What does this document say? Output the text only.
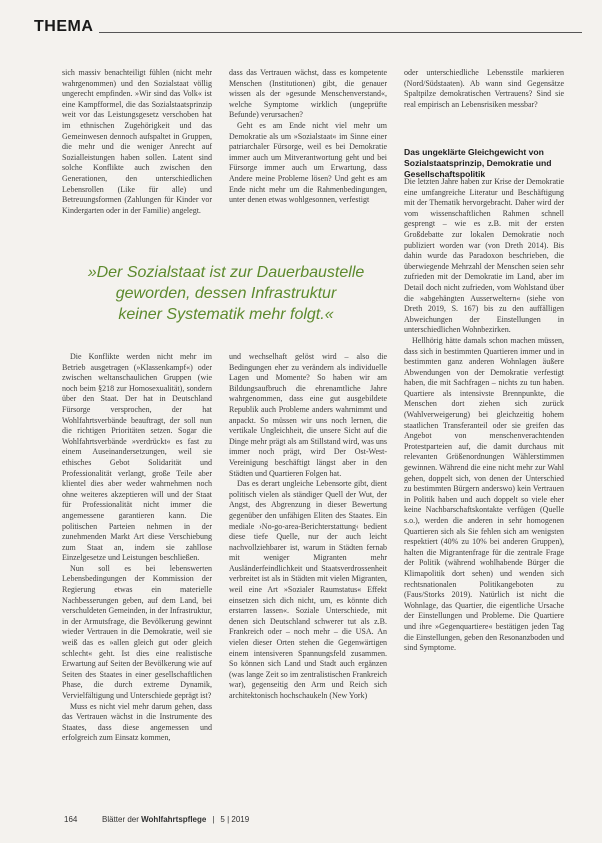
THEMA

sich massiv benachteiligt fühlen (nicht mehr wahrgenommen) und den Sozialstaat völlig ungerecht empfinden. »Wir sind das Volk« ist eine Kampfformel, die das Sozialstaatsprinzip weit vor das Leistungsgesetz verschoben hat im ethnischen Zugehörigkeit und das Gemeinwesen dennoch aufspaltet in Gruppen, die mehr und die weniger Anrecht auf Sozialleistungen haben sollen. Latent sind solche Konflikte auch zwischen den Generationen, den unterschiedlichen Lebensrollen (Like für alle) und Betreuungsformen (Zahlungen für Kinder vor Kindergarten oder in der Familie) angelegt.

dass das Vertrauen wächst, dass es kompetente Menschen (Institutionen) gibt, die genauer wissen als der »gesunde Menschenverstand«, welche Symptome wirklich (ungeprüfte Befunde) verursachen?

Geht es am Ende nicht viel mehr um Demokratie als um »Sozialstaat« im Sinne einer patriarchaler Fürsorge, weil es bei Demokratie immer auch um Mitverantwortung geht und bei Fürsorge immer auch um Erwartung, dass Andere meine Probleme lösen? Und geht es am Ende nicht mehr um die Rahmenbedingungen, unter denen etwas wohlgesonnen, verfestigt

oder unterschiedliche Lebensstile markieren (Nord/Südstaaten). Ab wann sind Gegensätze Spaltpilze demokratischen Vertrauens? Sind sie real empirisch an Lebensrisiken messbar?

Das ungeklärte Gleichgewicht von Sozialstaatsprinzip, Demokratie und Gesellschaftspolitik

Die letzten Jahre haben zur Krise der Demokratie eine umfangreiche Literatur und Beschäftigung mit der Thematik hervorgebracht. Daher wird der vom wissenschaftlichen Rahmen schnell gesprengt – wie es z.B. mit der ersten Großdebatte zur lokalen Demokratie noch publiziert worden war (von Dreth 2014). Bis dahin wurde das Paradoxon beschrieben, die überwiegende Mehrzahl der Menschen seien sehr zufrieden mit der Demokratie im Land, aber im Detail doch nicht zufrieden, vom Wohlstand über die »abgehängten Ausserweltern« (siehe von Dreth 2019, S. 167) bis zu den auffälligen Abweichungen der Einstellungen in unterschiedlichen Wohnbezirken.

Hellhörig hätte damals schon machen müssen, dass sich in bestimmten Quartieren immer und in bestimmten ganz anderen Wohnlagen äußere Abwendungen von der Demokratie verfestigt haben, die mit Sachfragen – nichts zu tun haben. Quartiere als intensivste Brennpunkte, die Menschen dort ziehen sich zurück (Wahlverweigerung) bei gleichzeitig hohem staatlichen Transferanteil oder sie greifen das Angebot von menschenverachtenden Protestparteien auf, die damit durchaus mit relevanten Größenordnungen Wählerstimmen gewinnen. Während die eine nicht mehr zur Wahl gehen, doppelt sich, von denen der Unterschied zu bestimmten Bürgern anderswo) kein Vertrauen in Politik haben und auch doppelt so viele eher keine Nachbarschaftskontakte verfügen (Quelle s.o.), werden die anderen in sehr homogenen Quartieren sich als Sie fehlen sich am wenigsten respektiert (40% zu 10% bei anderen Gruppen), halten die Migrantenfrage für die zentrale Frage der Politik (während wohlhabende Bürger die Klimapolitik dort sehen) und wenden sich rechtsnationalen Politikangeboten zu (Faus/Storks 2019). Natürlich ist nicht die Wohnlage, das Quartier, die eigentliche Ursache der Einstellungen und Probleme. Die Quartiere und ihre »Gegenquartiere« bestätigen jeden Tag die Einstellungen, geben den Resonanzboden und sind Symptome.

»Der Sozialstaat ist zur Dauerbaustelle

geworden, dessen Infrastruktur

keiner Systematik mehr folgt.«

Die Konflikte werden nicht mehr im Betrieb ausgetragen (»Klassenkampf«) oder zwischen weltanschaulichen Gruppen (wie noch beim §218 zur Homosexualität), sondern über den Staat. Der hat in Deutschland Fürsorge versprochen, der hat Wohlfahrtsverbände beauftragt, der soll nun die richtigen Prioritäten setzen. Sogar die Wohlfahrtsverbände »verdrückt« es fast zu einem Auseinandersetzungen, weil sie ethisches Gebot Solidarität und Professionalität verlangt, große Teile aber klientel dies aber weder wahrnehmen noch ohne weiteres akzeptieren will und der Staat für Professionalität nicht immer die angemessene garantieren kann. Die politischen Parteien nehmen in der zunehmenden Markt Art diese Verschiebung zum Staat an, indem sie zahllose Einzelgesetze und Leistungen beschließen.

Nun soll es bei lebenswerten Lebensbedingungen der Kommission der Regierung etwas ein materielle Nachbesserungen geben, auf dem Land, bei verschuldeten Gemeinden, in der Infrastruktur, in der Armutsfrage, die Bevölkerung gewinnt wieder Vertrauen in die Demokratie, weil sie weiß das es »allen gleich gut oder gleich schlecht« geht. Ist dies eine realistische Erwartung auf Seiten der Bevölkerung wie auf Seiten des Staates in einer gesellschaftlichen Phase, die durch extreme Dynamik, Vervielfältigung und Unterschiede geprägt ist?

Muss es nicht viel mehr darum gehen, dass das Vertrauen wächst in die Instrumente des Staates, dass diese angemessen und erfolgreich zum Einsatz kommen,

und wechselhaft gelöst wird – also die Bedingungen eher zu verändern als individuelle Lagen und Momente? So haben wir am Bildungsaufbruch die ehrenamtliche Jahre wahrgenommen, dass eine gut ausgebildete Republik auch Probleme anders wahrnimmt und anpackt. So müssen wir uns noch lernen, die vertikale Ungleichheit, die unsere Sicht auf die Dinge mehr prägt als am Stillstand wird, was uns immer noch prägt, wird Der Ost-West-Vereinigung beschäftigt längst aber in den Städten und Quartieren Folgen hat.

Das es derart ungleiche Lebensorte gibt, dient politisch vielen als ständiger Quell der Wut, der Angst, des Abgrenzung in dieser Bewertung gegenüber den unfähigen Eliten des Staates. Ein mediale ›No-go-area-Berichterstattung‹ bedient diese tiefe Quelle, nur der auch leicht nachvollziehbarer ist, warum in Städten fernab mit weniger Migranten mehr Ausländerfeindlichkeit und Staatsverdrossenheit verbreitet ist als in Städten mit vielen Migranten, weil eine Art »Sozialer Raumstatus« Effekt einsetzen sich dich nicht, um, es könnte dich erstarren lassen«. Soziale Unterschiede, mit denen sich Deutschland schwerer tut als z.B. Frankreich oder – noch mehr – die USA. An vielen dieser Orten stehen die Gegenwärtigen einem intensiveren Spannungsfeld zusammen. So können sich Land und Stadt auch ergänzen (was lange Zeit so im zentralistischen Frankreich war), gegenseitig den Arm und Reich sich architektonisch hochschaukeln (New York)

164	Blätter der Wohlfahrtspflege | 5 | 2019
